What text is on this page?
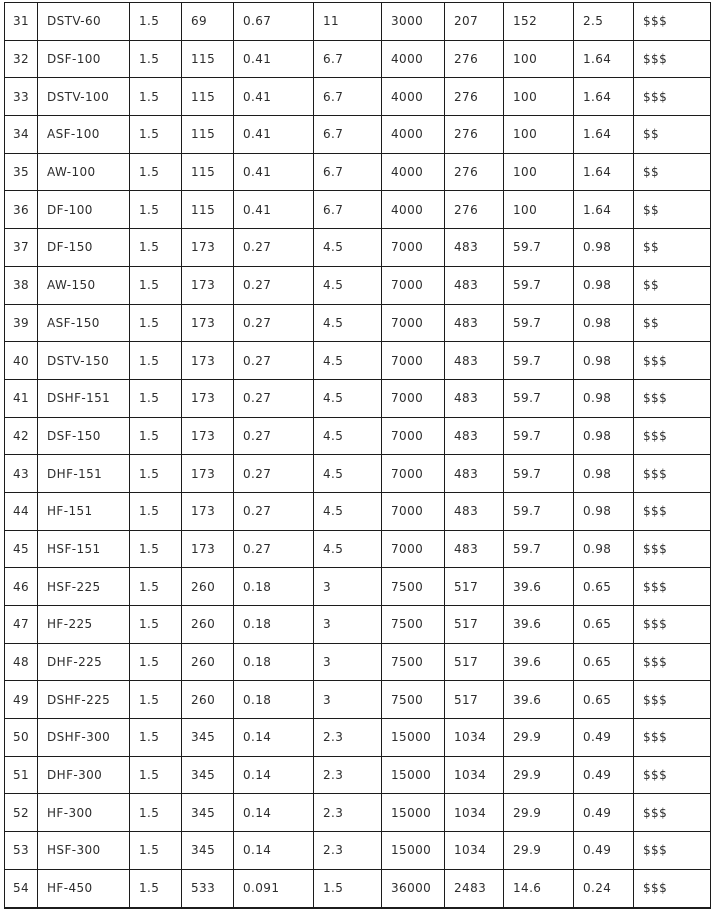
31	DSTV-60	1.5	69	0.67	11	3000	207	152	2.5	$$$
32	DSF-100	1.5	115	0.41	6.7	4000	276	100	1.64	$$$
33	DSTV-100	1.5	115	0.41	6.7	4000	276	100	1.64	$$$
34	ASF-100	1.5	115	0.41	6.7	4000	276	100	1.64	$$
35	AW-100	1.5	115	0.41	6.7	4000	276	100	1.64	$$
36	DF-100	1.5	115	0.41	6.7	4000	276	100	1.64	$$
37	DF-150	1.5	173	0.27	4.5	7000	483	59.7	0.98	$$
38	AW-150	1.5	173	0.27	4.5	7000	483	59.7	0.98	$$
39	ASF-150	1.5	173	0.27	4.5	7000	483	59.7	0.98	$$
40	DSTV-150	1.5	173	0.27	4.5	7000	483	59.7	0.98	$$$
41	DSHF-151	1.5	173	0.27	4.5	7000	483	59.7	0.98	$$$
42	DSF-150	1.5	173	0.27	4.5	7000	483	59.7	0.98	$$$
43	DHF-151	1.5	173	0.27	4.5	7000	483	59.7	0.98	$$$
44	HF-151	1.5	173	0.27	4.5	7000	483	59.7	0.98	$$$
45	HSF-151	1.5	173	0.27	4.5	7000	483	59.7	0.98	$$$
46	HSF-225	1.5	260	0.18	3	7500	517	39.6	0.65	$$$
47	HF-225	1.5	260	0.18	3	7500	517	39.6	0.65	$$$
48	DHF-225	1.5	260	0.18	3	7500	517	39.6	0.65	$$$
49	DSHF-225	1.5	260	0.18	3	7500	517	39.6	0.65	$$$
50	DSHF-300	1.5	345	0.14	2.3	15000	1034	29.9	0.49	$$$
51	DHF-300	1.5	345	0.14	2.3	15000	1034	29.9	0.49	$$$
52	HF-300	1.5	345	0.14	2.3	15000	1034	29.9	0.49	$$$
53	HSF-300	1.5	345	0.14	2.3	15000	1034	29.9	0.49	$$$
54	HF-450	1.5	533	0.091	1.5	36000	2483	14.6	0.24	$$$
